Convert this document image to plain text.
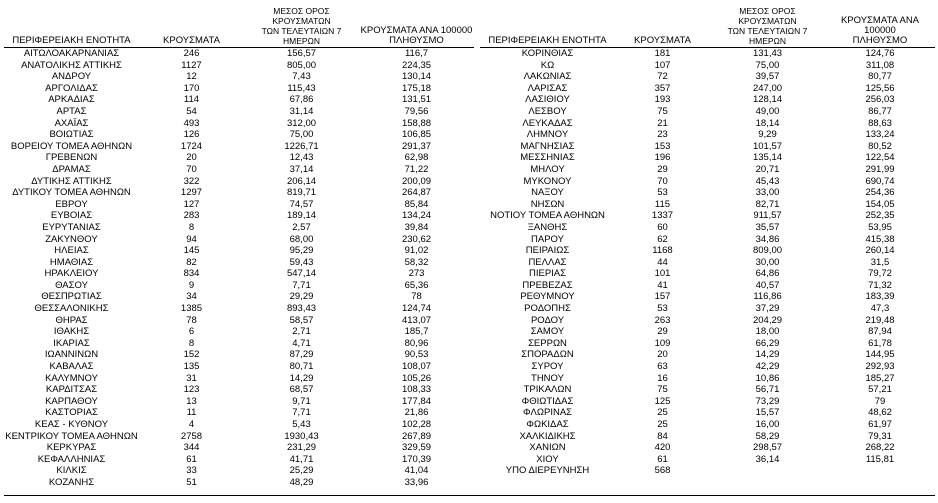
ΠΕΡΙΦΕΡΕΙΑΚΗ ΕΝΟΤΗΤΑ	ΚΡΟΥΣΜΑΤΑ	ΜΕΣΟΣ ΟΡΟΣ ΚΡΟΥΣΜΑΤΩΝ
ΤΩΝ ΤΕΛΕΥΤΑΙΩΝ 7 ΗΜΕΡΩΝ	ΚΡΟΥΣΜΑΤΑ ΑΝΑ 100000
ΠΛΗΘΥΣΜΟ
ΑΙΤΩΛΟΑΚΑΡΝΑΝΙΑΣ	246	156,57	116,7
ΑΝΑΤΟΛΙΚΗΣ ΑΤΤΙΚΗΣ	1127	805,00	224,35
ΑΝΔΡΟΥ	12	7,43	130,14
ΑΡΓΟΛΙΔΑΣ	170	115,43	175,18
ΑΡΚΑΔΙΑΣ	114	67,86	131,51
ΑΡΤΑΣ	54	31,14	79,56
ΑΧΑΪΑΣ	493	312,00	158,88
ΒΟΙΩΤΙΑΣ	126	75,00	106,85
ΒΟΡΕΙΟΥ ΤΟΜΕΑ ΑΘΗΝΩΝ	1724	1226,71	291,37
ΓΡΕΒΕΝΩΝ	20	12,43	62,98
ΔΡΑΜΑΣ	70	37,14	71,22
ΔΥΤΙΚΗΣ ΑΤΤΙΚΗΣ	322	206,14	200,09
ΔΥΤΙΚΟΥ ΤΟΜΕΑ ΑΘΗΝΩΝ	1297	819,71	264,87
ΕΒΡΟΥ	127	74,57	85,84
ΕΥΒΟΙΑΣ	283	189,14	134,24
ΕΥΡΥΤΑΝΙΑΣ	8	2,57	39,84
ΖΑΚΥΝΘΟΥ	94	68,00	230,62
ΗΛΕΙΑΣ	145	95,29	91,02
ΗΜΑΘΙΑΣ	82	59,43	58,32
ΗΡΑΚΛΕΙΟΥ	834	547,14	273
ΘΑΣΟΥ	9	7,71	65,36
ΘΕΣΠΡΩΤΙΑΣ	34	29,29	78
ΘΕΣΣΑΛΟΝΙΚΗΣ	1385	893,43	124,74
ΘΗΡΑΣ	78	58,57	413,07
ΙΘΑΚΗΣ	6	2,71	185,7
ΙΚΑΡΙΑΣ	8	4,71	80,96
ΙΩΑΝΝΙΝΩΝ	152	87,29	90,53
ΚΑΒΑΛΑΣ	135	80,71	108,07
ΚΑΛΥΜΝΟΥ	31	14,29	105,26
ΚΑΡΔΙΤΣΑΣ	123	68,57	108,33
ΚΑΡΠΑΘΟΥ	13	9,71	177,84
ΚΑΣΤΟΡΙΑΣ	11	7,71	21,86
ΚΕΑΣ - ΚΥΘΝΟΥ	4	5,43	102,28
ΚΕΝΤΡΙΚΟΥ ΤΟΜΕΑ ΑΘΗΝΩΝ	2758	1930,43	267,89
ΚΕΡΚΥΡΑΣ	344	231,29	329,59
ΚΕΦΑΛΛΗΝΙΑΣ	61	41,71	170,39
ΚΙΛΚΙΣ	33	25,29	41,04
ΚΟΖΑΝΗΣ	51	48,29	33,96
ΠΕΡΙΦΕΡΕΙΑΚΗ ΕΝΟΤΗΤΑ	ΚΡΟΥΣΜΑΤΑ	ΜΕΣΟΣ ΟΡΟΣ ΚΡΟΥΣΜΑΤΩΝ
ΤΩΝ ΤΕΛΕΥΤΑΙΩΝ 7 ΗΜΕΡΩΝ	ΚΡΟΥΣΜΑΤΑ ΑΝΑ 100000
ΠΛΗΘΥΣΜΟ
ΚΟΡΙΝΘΙΑΣ	181	131,43	124,76
ΚΩ	107	75,00	311,08
ΛΑΚΩΝΙΑΣ	72	39,57	80,77
ΛΑΡΙΣΑΣ	357	247,00	125,56
ΛΑΣΙΘΙΟΥ	193	128,14	256,03
ΛΕΣΒΟΥ	75	49,00	86,77
ΛΕΥΚΑΔΑΣ	21	18,14	88,63
ΛΗΜΝΟΥ	23	9,29	133,24
ΜΑΓΝΗΣΙΑΣ	153	101,57	80,52
ΜΕΣΣΗΝΙΑΣ	196	135,14	122,54
ΜΗΛΟΥ	29	20,71	291,99
ΜΥΚΟΝΟΥ	70	45,43	690,74
ΝΑΞΟΥ	53	33,00	254,36
ΝΗΣΩΝ	115	82,71	154,05
ΝΟΤΙΟΥ ΤΟΜΕΑ ΑΘΗΝΩΝ	1337	911,57	252,35
ΞΑΝΘΗΣ	60	35,57	53,95
ΠΑΡΟΥ	62	34,86	415,38
ΠΕΙΡΑΙΩΣ	1168	809,00	260,14
ΠΕΛΛΑΣ	44	30,00	31,5
ΠΙΕΡΙΑΣ	101	64,86	79,72
ΠΡΕΒΕΖΑΣ	41	40,57	71,32
ΡΕΘΥΜΝΟΥ	157	116,86	183,39
ΡΟΔΟΠΗΣ	53	37,29	47,3
ΡΟΔΟΥ	263	204,29	219,48
ΣΑΜΟΥ	29	18,00	87,94
ΣΕΡΡΩΝ	109	66,29	61,78
ΣΠΟΡΑΔΩΝ	20	14,29	144,95
ΣΥΡΟΥ	63	42,29	292,93
ΤΗΝΟΥ	16	10,86	185,27
ΤΡΙΚΑΛΩΝ	75	56,71	57,21
ΦΘΙΩΤΙΔΑΣ	125	73,29	79
ΦΛΩΡΙΝΑΣ	25	15,57	48,62
ΦΩΚΙΔΑΣ	25	16,00	61,97
ΧΑΛΚΙΔΙΚΗΣ	84	58,29	79,31
ΧΑΝΙΩΝ	420	298,57	268,22
ΧΙΟΥ	61	36,14	115,81
ΥΠΟ ΔΙΕΡΕΥΝΗΣΗ	568		
